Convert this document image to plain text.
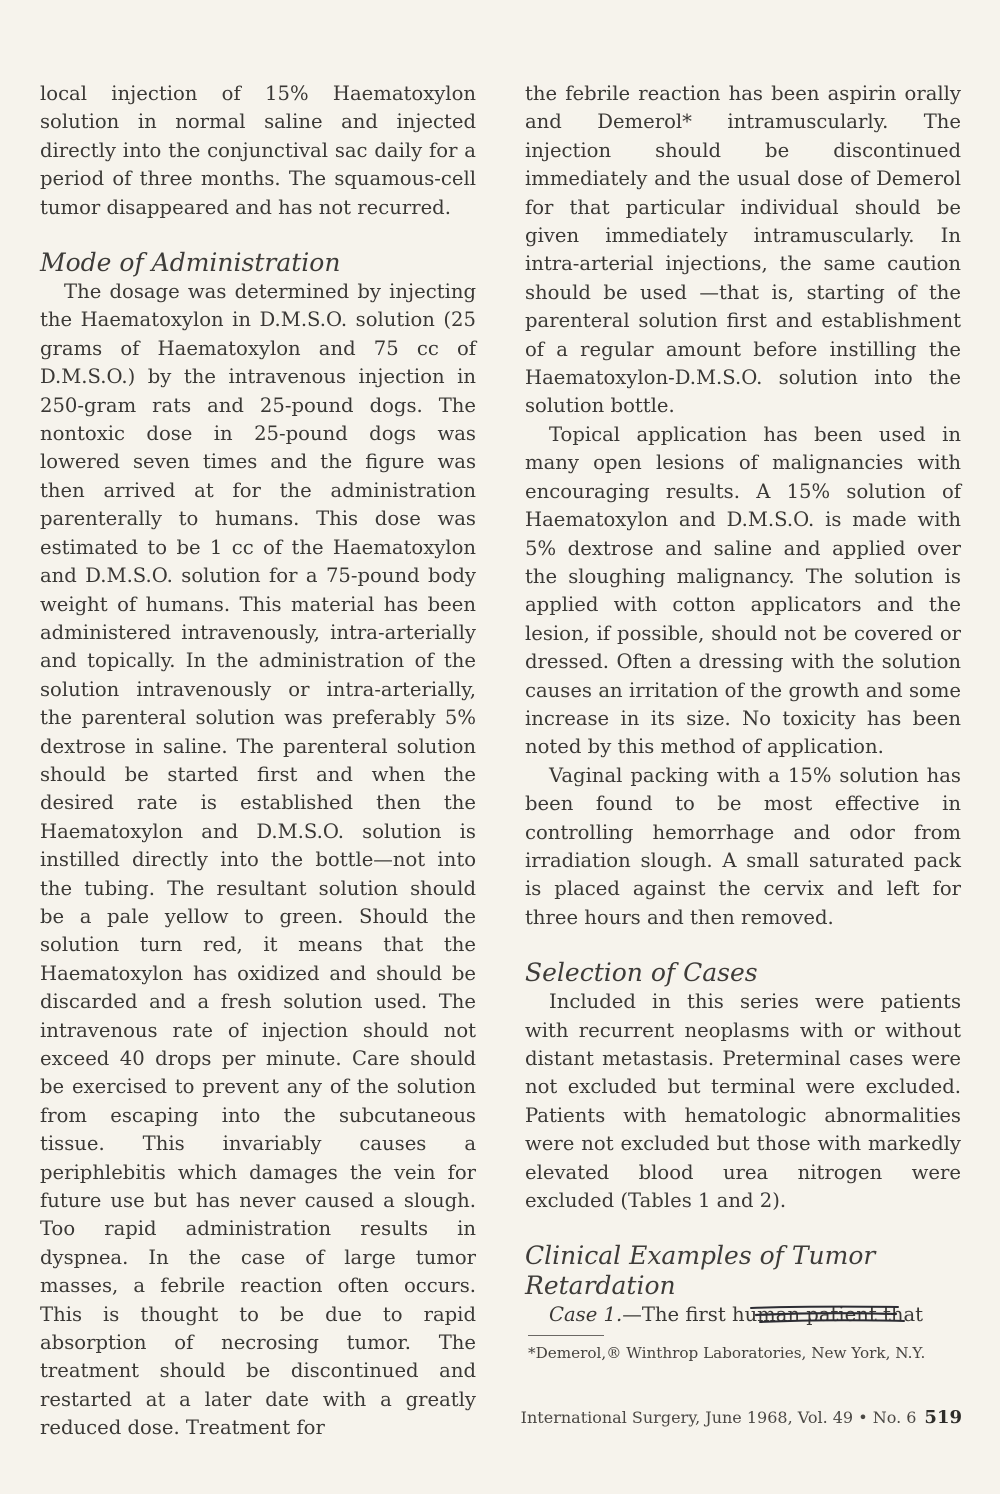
local injection of 15% Haematoxylon solution in normal saline and injected directly into the conjunctival sac daily for a period of three months. The squamous-cell tumor disappeared and has not recurred.

Mode of Administration

The dosage was determined by injecting the Haematoxylon in D.M.S.O. solution (25 grams of Haematoxylon and 75 cc of D.M.S.O.) by the intravenous injection in 250-gram rats and 25-pound dogs. The nontoxic dose in 25-pound dogs was lowered seven times and the figure was then arrived at for the administration parenterally to humans. This dose was estimated to be 1 cc of the Haematoxylon and D.M.S.O. solution for a 75-pound body weight of humans. This material has been administered intravenously, intra-arterially and topically. In the administration of the solution intravenously or intra-arterially, the parenteral solution was preferably 5% dextrose in saline. The parenteral solution should be started first and when the desired rate is established then the Haematoxylon and D.M.S.O. solution is instilled directly into the bottle—not into the tubing. The resultant solution should be a pale yellow to green. Should the solution turn red, it means that the Haematoxylon has oxidized and should be discarded and a fresh solution used. The intravenous rate of injection should not exceed 40 drops per minute. Care should be exercised to prevent any of the solution from escaping into the subcutaneous tissue. This invariably causes a periphlebitis which damages the vein for future use but has never caused a slough. Too rapid administration results in dyspnea. In the case of large tumor masses, a febrile reaction often occurs. This is thought to be due to rapid absorption of necrosing tumor. The treatment should be discontinued and restarted at a later date with a greatly reduced dose. Treatment for

the febrile reaction has been aspirin orally and Demerol* intramuscularly. The injection should be discontinued immediately and the usual dose of Demerol for that particular individual should be given immediately intramuscularly. In intra-arterial injections, the same caution should be used —that is, starting of the parenteral solution first and establishment of a regular amount before instilling the Haematoxylon-D.M.S.O. solution into the solution bottle.

Topical application has been used in many open lesions of malignancies with encouraging results. A 15% solution of Haematoxylon and D.M.S.O. is made with 5% dextrose and saline and applied over the sloughing malignancy. The solution is applied with cotton applicators and the lesion, if possible, should not be covered or dressed. Often a dressing with the solution causes an irritation of the growth and some increase in its size. No toxicity has been noted by this method of application.

Vaginal packing with a 15% solution has been found to be most effective in controlling hemorrhage and odor from irradiation slough. A small saturated pack is placed against the cervix and left for three hours and then removed.

Selection of Cases

Included in this series were patients with recurrent neoplasms with or without distant metastasis. Preterminal cases were not excluded but terminal were excluded. Patients with hematologic abnormalities were not excluded but those with markedly elevated blood urea nitrogen were excluded (Tables 1 and 2).

Clinical Examples of Tumor Retardation

Case 1.—The first human patient that

*Demerol,® Winthrop Laboratories, New York, N.Y.
International Surgery, June 1968, Vol. 49 • No. 6 519
